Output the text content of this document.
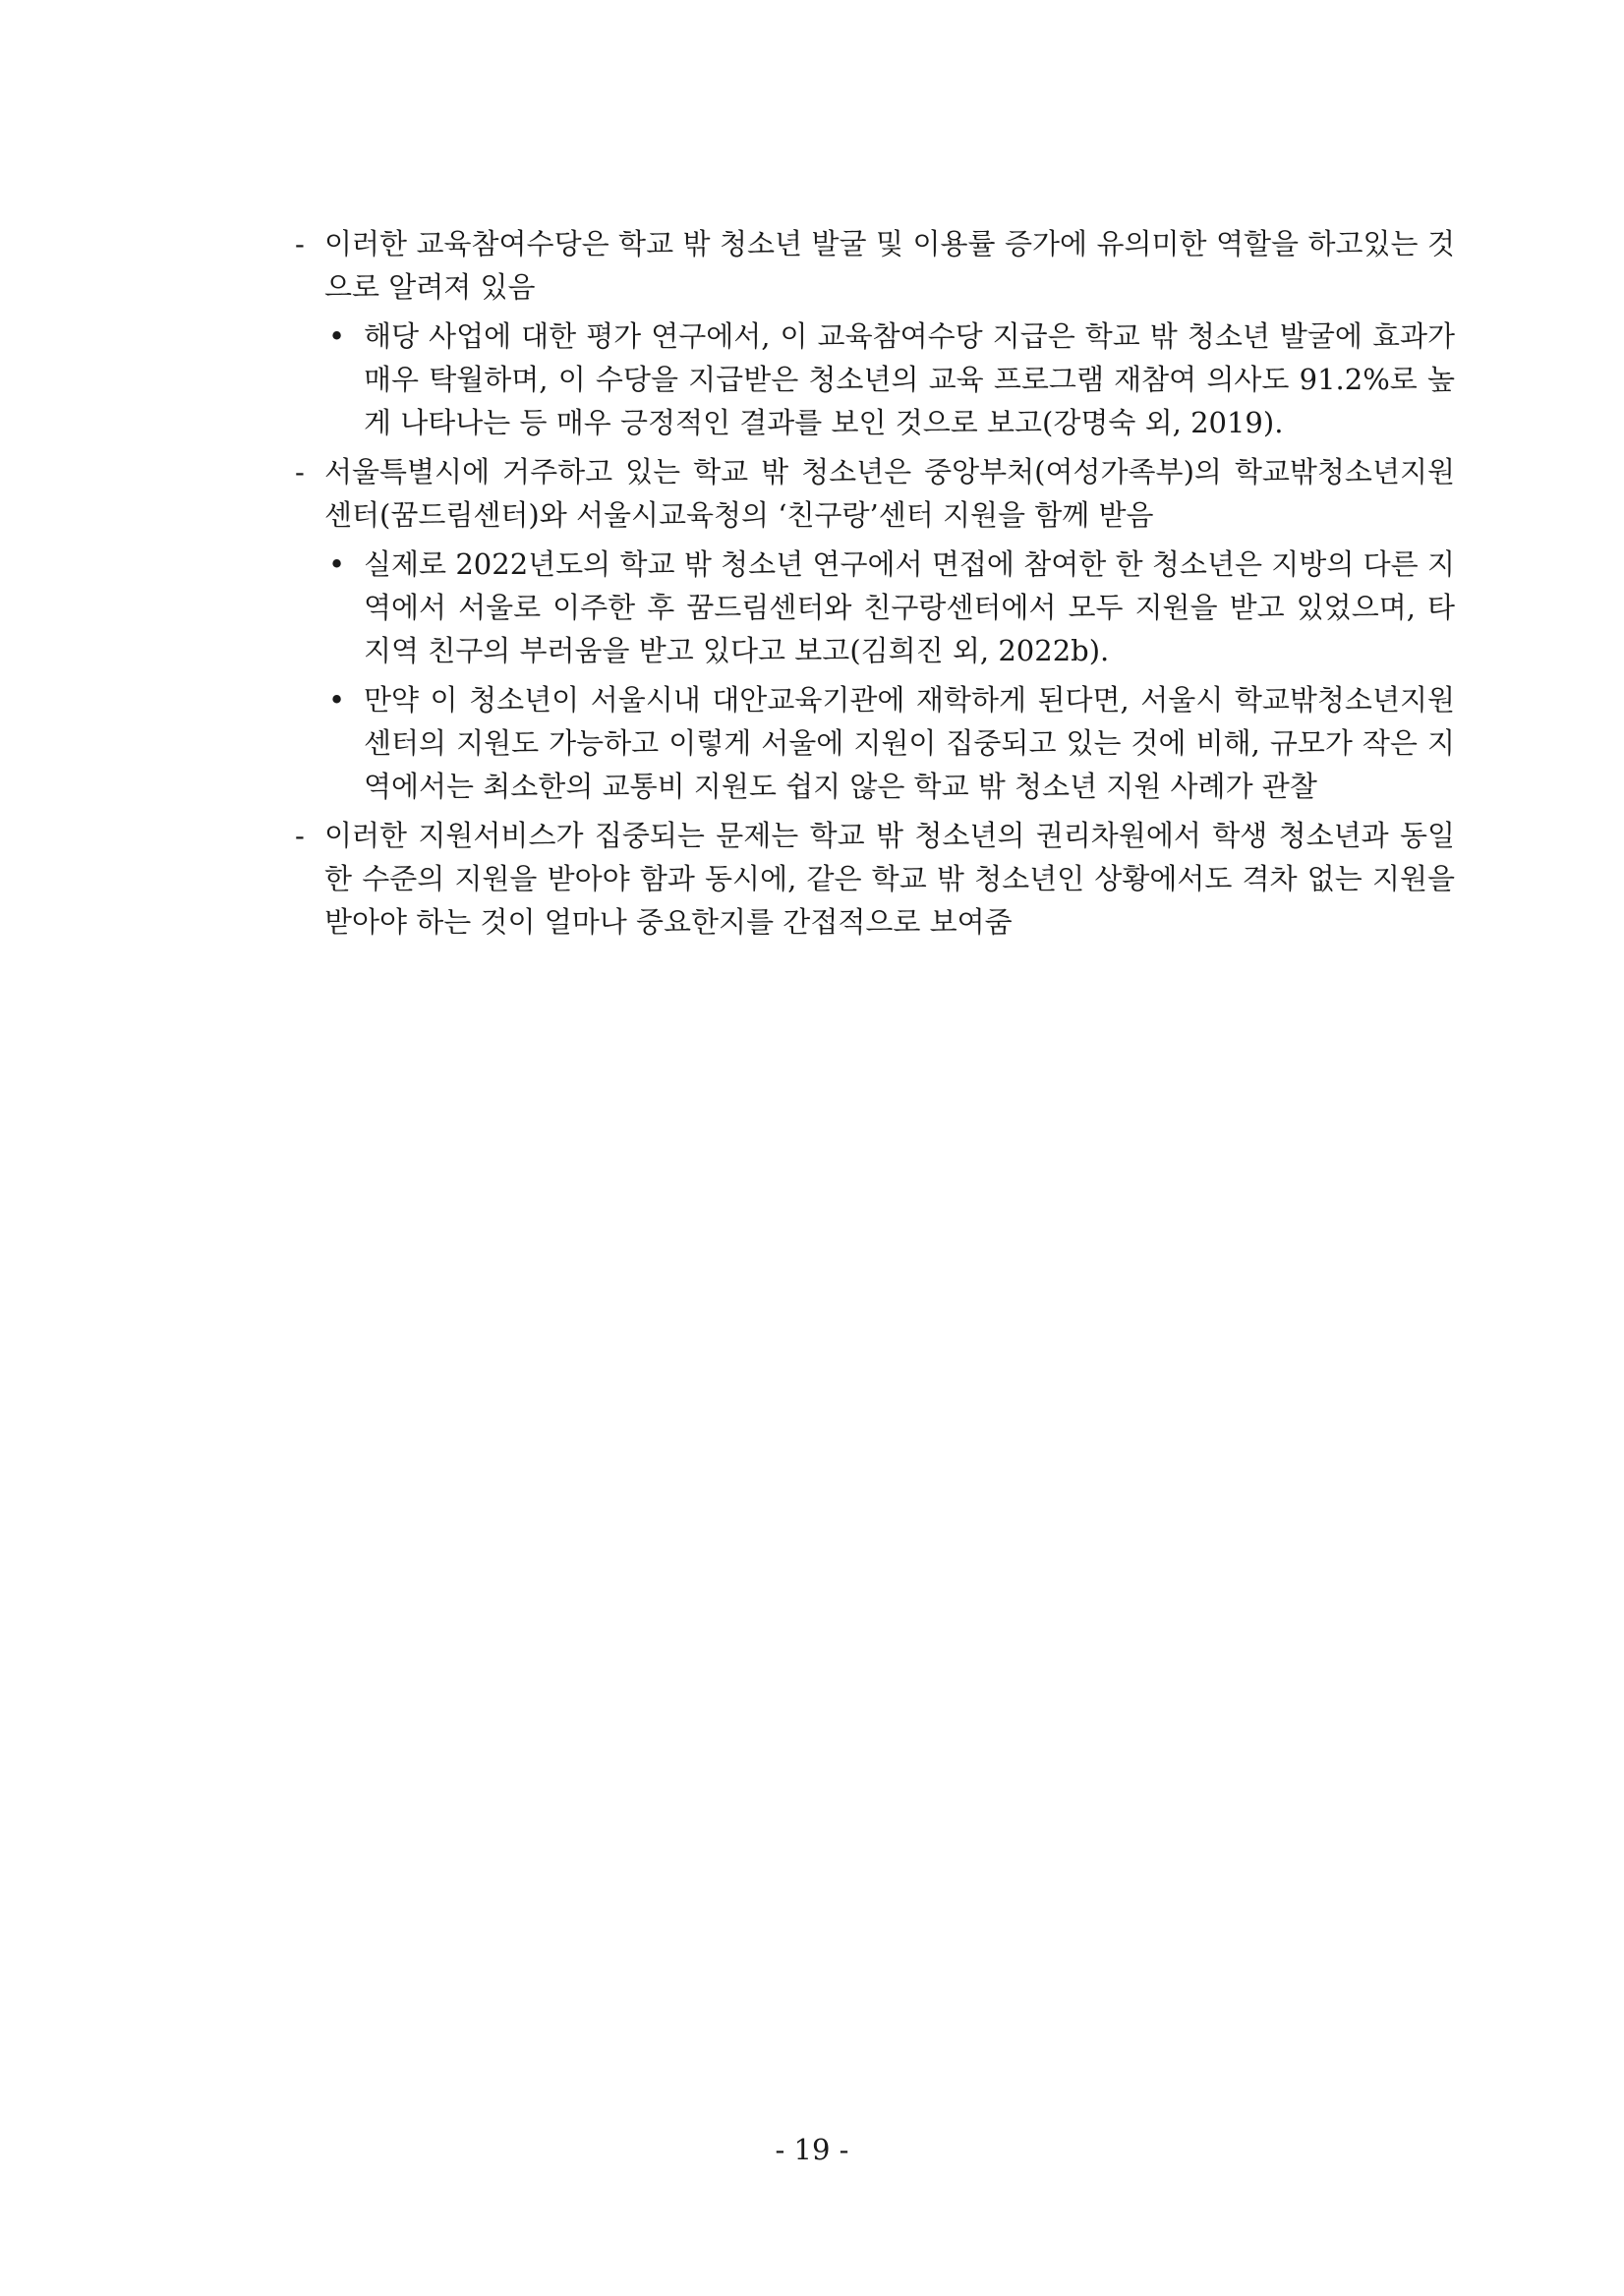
- 이러한 교육참여수당은 학교 밖 청소년 발굴 및 이용률 증가에 유의미한 역할을 하고있는 것으로 알려져 있음
• 해당 사업에 대한 평가 연구에서, 이 교육참여수당 지급은 학교 밖 청소년 발굴에 효과가 매우 탁월하며, 이 수당을 지급받은 청소년의 교육 프로그램 재참여 의사도 91.2%로 높게 나타나는 등 매우 긍정적인 결과를 보인 것으로 보고(강명숙 외, 2019).
- 서울특별시에 거주하고 있는 학교 밖 청소년은 중앙부처(여성가족부)의 학교밖청소년지원센터(꿈드림센터)와 서울시교육청의 ‘친구랑’센터 지원을 함께 받음
• 실제로 2022년도의 학교 밖 청소년 연구에서 면접에 참여한 한 청소년은 지방의 다른 지역에서 서울로 이주한 후 꿈드림센터와 친구랑센터에서 모두 지원을 받고 있었으며, 타 지역 친구의 부러움을 받고 있다고 보고(김희진 외, 2022b).
• 만약 이 청소년이 서울시내 대안교육기관에 재학하게 된다면, 서울시 학교밖청소년지원센터의 지원도 가능하고 이렇게 서울에 지원이 집중되고 있는 것에 비해, 규모가 작은 지역에서는 최소한의 교통비 지원도 쉽지 않은 학교 밖 청소년 지원 사례가 관찰
- 이러한 지원서비스가 집중되는 문제는 학교 밖 청소년의 권리차원에서 학생 청소년과 동일한 수준의 지원을 받아야 함과 동시에, 같은 학교 밖 청소년인 상황에서도 격차 없는 지원을 받아야 하는 것이 얼마나 중요한지를 간접적으로 보여줌
- 19 -
